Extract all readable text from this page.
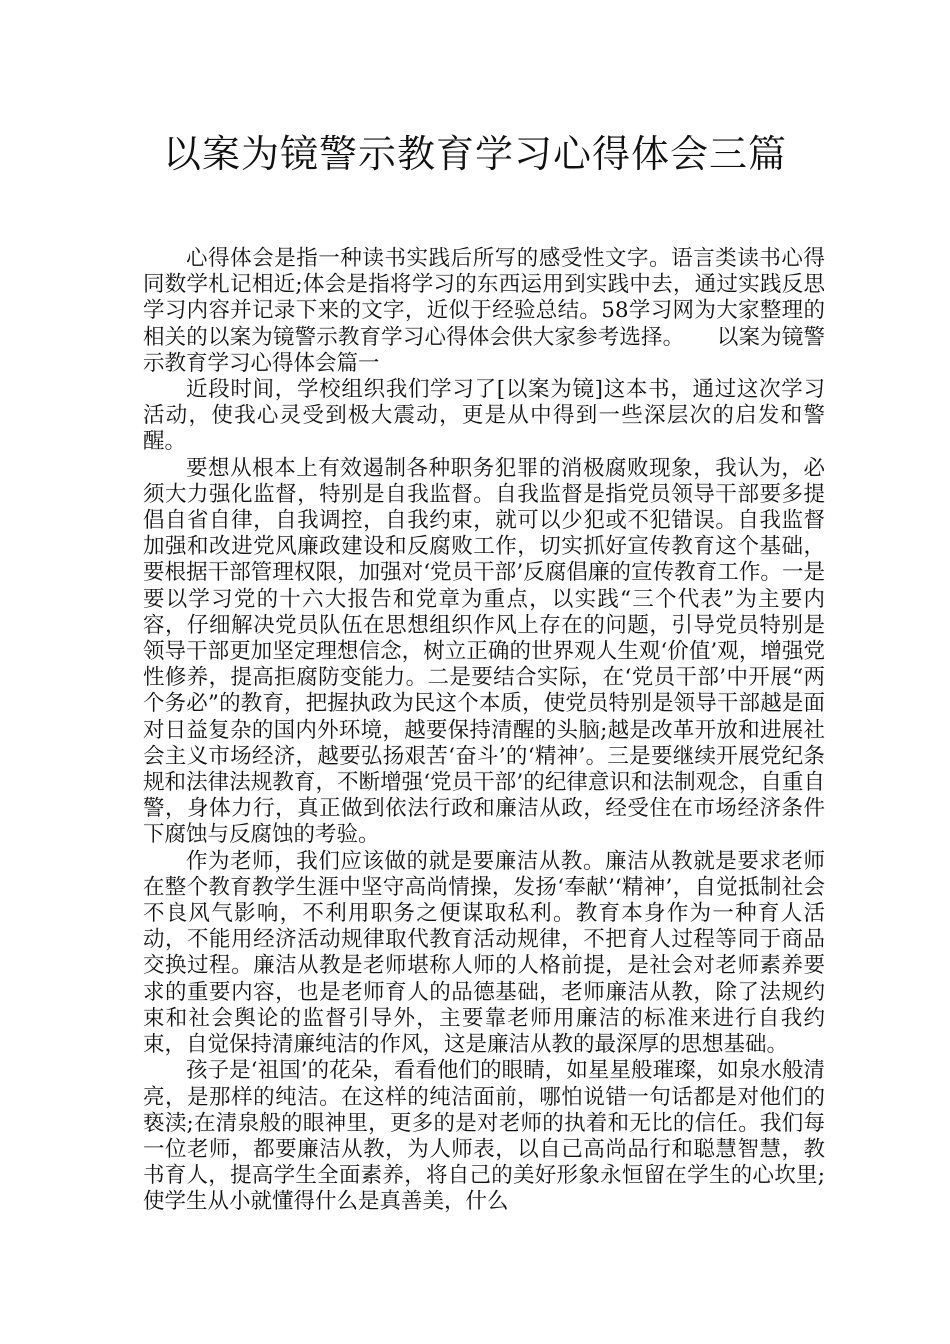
以案为镜警示教育学习心得体会三篇

心得体会是指一种读书实践后所写的感受性文字。语言类读书心得同数学札记相近;体会是指将学习的东西运用到实践中去，通过实践反思学习内容并记录下来的文字，近似于经验总结。58学习网为大家整理的相关的以案为镜警示教育学习心得体会供大家参考选择。　　以案为镜警示教育学习心得体会篇一

近段时间，学校组织我们学习了[以案为镜]这本书，通过这次学习活动，使我心灵受到极大震动，更是从中得到一些深层次的启发和警醒。

要想从根本上有效遏制各种职务犯罪的消极腐败现象，我认为，必须大力强化监督，特别是自我监督。自我监督是指党员领导干部要多提倡自省自律，自我调控，自我约束，就可以少犯或不犯错误。自我监督加强和改进党风廉政建设和反腐败工作，切实抓好宣传教育这个基础，要根据干部管理权限，加强对‘党员干部’反腐倡廉的宣传教育工作。一是要以学习党的十六大报告和党章为重点，以实践“三个代表”为主要内容，仔细解决党员队伍在思想组织作风上存在的问题，引导党员特别是领导干部更加坚定理想信念，树立正确的世界观人生观‘价值’观，增强党性修养，提高拒腐防变能力。二是要结合实际，在‘党员干部’中开展“两个务必”的教育，把握执政为民这个本质，使党员特别是领导干部越是面对日益复杂的国内外环境，越要保持清醒的头脑;越是改革开放和进展社会主义市场经济，越要弘扬艰苦‘奋斗’的‘精神’。三是要继续开展党纪条规和法律法规教育，不断增强‘党员干部’的纪律意识和法制观念，自重自警，身体力行，真正做到依法行政和廉洁从政，经受住在市场经济条件下腐蚀与反腐蚀的考验。

作为老师，我们应该做的就是要廉洁从教。廉洁从教就是要求老师在整个教育教学生涯中坚守高尚情操，发扬‘奉献’‘精神’，自觉抵制社会不良风气影响，不利用职务之便谋取私利。教育本身作为一种育人活动，不能用经济活动规律取代教育活动规律，不把育人过程等同于商品交换过程。廉洁从教是老师堪称人师的人格前提，是社会对老师素养要求的重要内容，也是老师育人的品德基础，老师廉洁从教，除了法规约束和社会舆论的监督引导外，主要靠老师用廉洁的标准来进行自我约束，自觉保持清廉纯洁的作风，这是廉洁从教的最深厚的思想基础。

孩子是‘祖国’的花朵，看看他们的眼睛，如星星般璀璨，如泉水般清亮，是那样的纯洁。在这样的纯洁面前，哪怕说错一句话都是对他们的亵渎;在清泉般的眼神里，更多的是对老师的执着和无比的信任。我们每一位老师，都要廉洁从教，为人师表，以自己高尚品行和聪慧智慧，教书育人，提高学生全面素养，将自己的美好形象永恒留在学生的心坎里;使学生从小就懂得什么是真善美，什么
